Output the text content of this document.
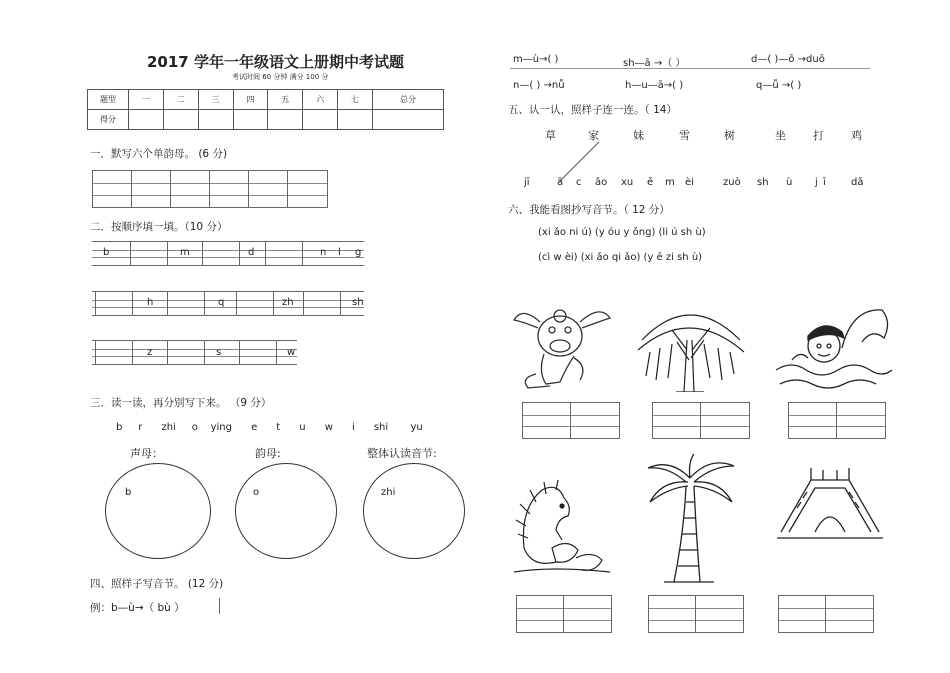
2017 学年一年级语文上册期中考试题
考试时间 60 分钟 满分 100 分
题型	一	二	三	四	五	六	七	总分
得分								
一．默写六个单韵母。 (6 分)
二．按顺序填一填。（10 分）
b	m	d	n l g
h	q	zh	sh
z	s	w
三．读一读，再分别写下来。 （9 分）
b r zhi o ying e t u w i shi yu
声母：	韵母:	整体认读音节:
b	o	zhi
四、照样子写音节。 (12 分)
例：b—ù→（ bù ）
m—ù→( )	sh—ā →（ ）	d—( )—ō →duō
n—( ) →nǚ	h—u—ā→( )	q—ǚ →( )
五、认一认，照样子连一连。（ 14）
草	家	妹	雪	树	坐 打 鸡
jī	ā c ǎo xu ě m èi	zuò sh ù j ī	dǎ
六、我能看图抄写音节。（ 12 分）
(xi ǎo ni ú) (y óu y ǒng) (li ú sh ù)
(cì w èi) (xi ǎo qi ǎo) (y ē zi sh ù)
